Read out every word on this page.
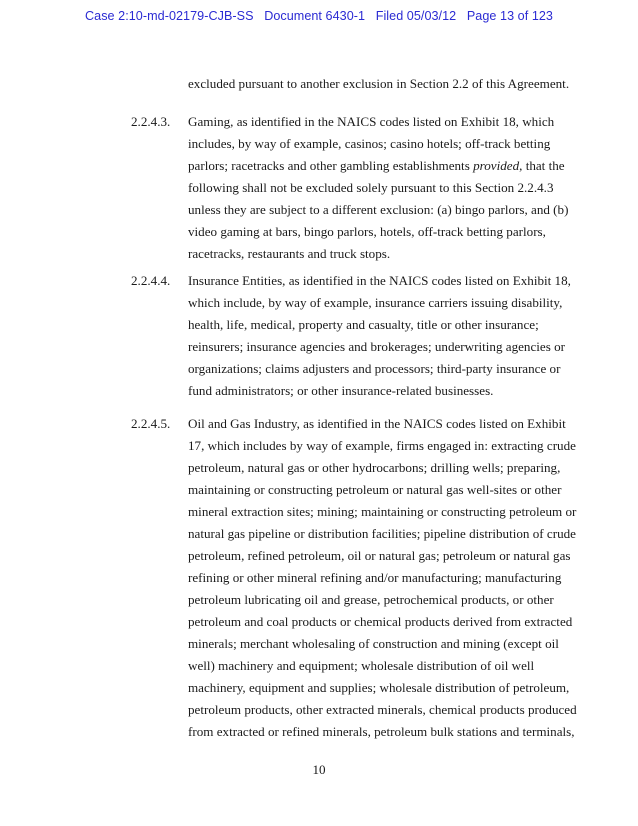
Case 2:10-md-02179-CJB-SS   Document 6430-1   Filed 05/03/12   Page 13 of 123
excluded pursuant to another exclusion in Section 2.2 of this Agreement.
2.2.4.3. Gaming, as identified in the NAICS codes listed on Exhibit 18, which
includes, by way of example, casinos; casino hotels; off-track betting
parlors; racetracks and other gambling establishments provided, that the
following shall not be excluded solely pursuant to this Section 2.2.4.3
unless they are subject to a different exclusion: (a) bingo parlors, and (b)
video gaming at bars, bingo parlors, hotels, off-track betting parlors,
racetracks, restaurants and truck stops.
2.2.4.4. Insurance Entities, as identified in the NAICS codes listed on Exhibit 18,
which include, by way of example, insurance carriers issuing disability,
health, life, medical, property and casualty, title or other insurance;
reinsurers; insurance agencies and brokerages; underwriting agencies or
organizations; claims adjusters and processors; third-party insurance or
fund administrators; or other insurance-related businesses.
2.2.4.5. Oil and Gas Industry, as identified in the NAICS codes listed on Exhibit
17, which includes by way of example, firms engaged in: extracting crude
petroleum, natural gas or other hydrocarbons; drilling wells; preparing,
maintaining or constructing petroleum or natural gas well-sites or other
mineral extraction sites; mining; maintaining or constructing petroleum or
natural gas pipeline or distribution facilities; pipeline distribution of crude
petroleum, refined petroleum, oil or natural gas; petroleum or natural gas
refining or other mineral refining and/or manufacturing; manufacturing
petroleum lubricating oil and grease, petrochemical products, or other
petroleum and coal products or chemical products derived from extracted
minerals; merchant wholesaling of construction and mining (except oil
well) machinery and equipment; wholesale distribution of oil well
machinery, equipment and supplies; wholesale distribution of petroleum,
petroleum products, other extracted minerals, chemical products produced
from extracted or refined minerals, petroleum bulk stations and terminals,
10
